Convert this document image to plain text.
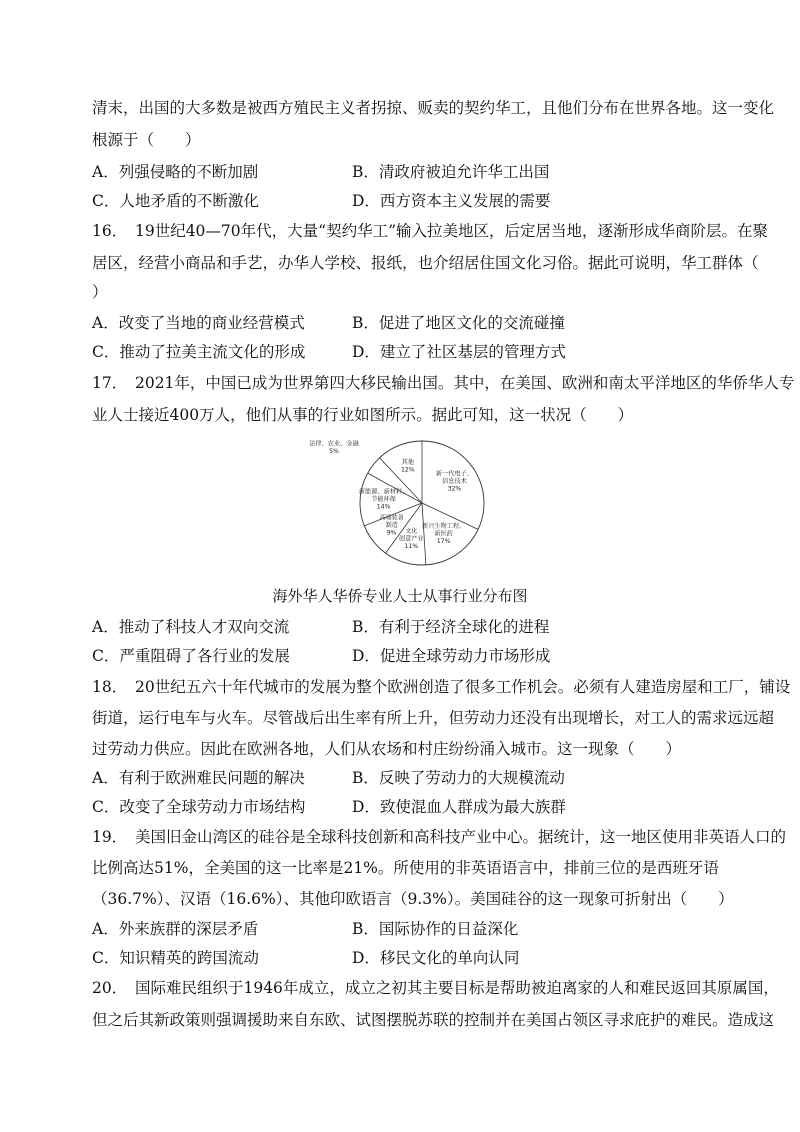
清末，出国的大多数是被西方殖民主义者拐掠、贩卖的契约华工，且他们分布在世界各地。这一变化
根源于（　　）
A．列强侵略的不断加剧	B．清政府被迫允许华工出国
C．人地矛盾的不断激化	D．西方资本主义发展的需要
16．　19世纪40—70年代，大量“契约华工”输入拉美地区，后定居当地，逐渐形成华商阶层。在聚
居区，经营小商品和手艺，办华人学校、报纸，也介绍居住国文化习俗。据此可说明，华工群体（
）
A．改变了当地的商业经营模式	B．促进了地区文化的交流碰撞
C．推动了拉美主流文化的形成	D．建立了社区基层的管理方式
17．　2021年，中国已成为世界第四大移民输出国。其中，在美国、欧洲和南太平洋地区的华侨华人专
业人士接近400万人，他们从事的行业如图所示。据此可知，这一状况（　　）
新一代电子、信息技术 32%
新兴生物工程、新医药 17%
文化创意产业 11%
高端装备制造 9%
新能源、新材料、节能环保 14%
法律、农业、金融 5%
其他 12%
海外华人华侨专业人士从事行业分布图
A．推动了科技人才双向交流	B．有利于经济全球化的进程
C．严重阻碍了各行业的发展	D．促进全球劳动力市场形成
18．　20世纪五六十年代城市的发展为整个欧洲创造了很多工作机会。必须有人建造房屋和工厂，铺设
街道，运行电车与火车。尽管战后出生率有所上升，但劳动力还没有出现增长，对工人的需求远远超
过劳动力供应。因此在欧洲各地，人们从农场和村庄纷纷涌入城市。这一现象（　　）
A．有利于欧洲难民问题的解决	B．反映了劳动力的大规模流动
C．改变了全球劳动力市场结构	D．致使混血人群成为最大族群
19．　美国旧金山湾区的硅谷是全球科技创新和高科技产业中心。据统计，这一地区使用非英语人口的
比例高达51%，全美国的这一比率是21%。所使用的非英语语言中，排前三位的是西班牙语
（36.7%）、汉语（16.6%）、其他印欧语言（9.3%）。美国硅谷的这一现象可折射出（　　）
A．外来族群的深层矛盾	B．国际协作的日益深化
C．知识精英的跨国流动	D．移民文化的单向认同
20．　国际难民组织于1946年成立，成立之初其主要目标是帮助被迫离家的人和难民返回其原属国，
但之后其新政策则强调援助来自东欧、试图摆脱苏联的控制并在美国占领区寻求庇护的难民。造成这
